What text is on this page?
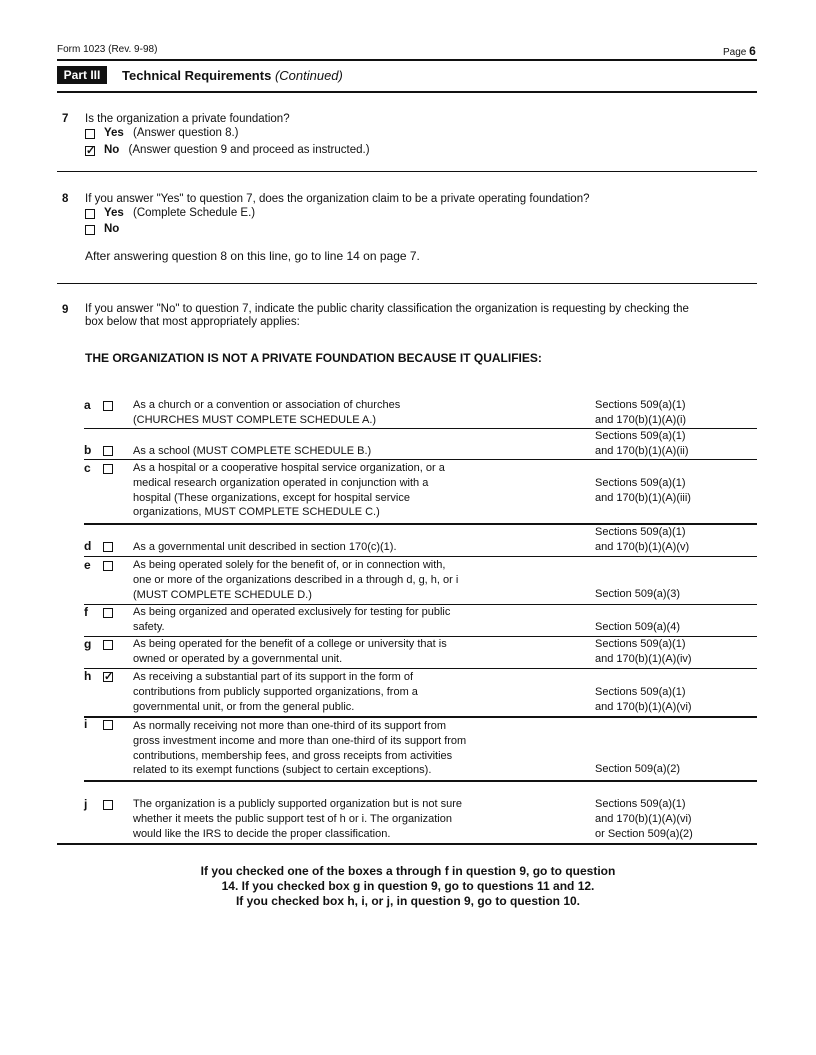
Form 1023 (Rev. 9-98)	Page 6
Part III	Technical Requirements (Continued)
7 Is the organization a private foundation?
Yes (Answer question 8.)
✓ No (Answer question 9 and proceed as instructed.)
8 If you answer "Yes" to question 7, does the organization claim to be a private operating foundation?
Yes (Complete Schedule E.)
No
After answering question 8 on this line, go to line 14 on page 7.
9 If you answer "No" to question 7, indicate the public charity classification the organization is requesting by checking the
box below that most appropriately applies:
THE ORGANIZATION IS NOT A PRIVATE FOUNDATION BECAUSE IT QUALIFIES:
a	As a church or a convention or association of churches
(CHURCHES MUST COMPLETE SCHEDULE A.)
Sections 509(a)(1)
and 170(b)(1)(A)(i)
b	As a school (MUST COMPLETE SCHEDULE B.)
Sections 509(a)(1)
and 170(b)(1)(A)(ii)
c	As a hospital or a cooperative hospital service organization, or a
medical research organization operated in conjunction with a
hospital (These organizations, except for hospital service
organizations, MUST COMPLETE SCHEDULE C.)
Sections 509(a)(1)
and 170(b)(1)(A)(iii)
d	As a governmental unit described in section 170(c)(1).
Sections 509(a)(1)
and 170(b)(1)(A)(v)
e	As being operated solely for the benefit of, or in connection with,
one or more of the organizations described in a through d, g, h, or i
(MUST COMPLETE SCHEDULE D.)	Section 509(a)(3)
f	As being organized and operated exclusively for testing for public
safety.	Section 509(a)(4)
g	As being operated for the benefit of a college or university that is
owned or operated by a governmental unit.
Sections 509(a)(1)
and 170(b)(1)(A)(iv)
h ✓ As receiving a substantial part of its support in the form of
contributions from publicly supported organizations, from a
governmental unit, or from the general public.
Sections 509(a)(1)
and 170(b)(1)(A)(vi)
i	As normally receiving not more than one-third of its support from
gross investment income and more than one-third of its support from
contributions, membership fees, and gross receipts from activities
related to its exempt functions (subject to certain exceptions).	Section 509(a)(2)
j	The organization is a publicly supported organization but is not sure
whether it meets the public support test of h or i. The organization
would like the IRS to decide the proper classification.
Sections 509(a)(1)
and 170(b)(1)(A)(vi)
or Section 509(a)(2)
If you checked one of the boxes a through f in question 9, go to question
14. If you checked box g in question 9, go to questions 11 and 12.
If you checked box h, i, or j, in question 9, go to question 10.
